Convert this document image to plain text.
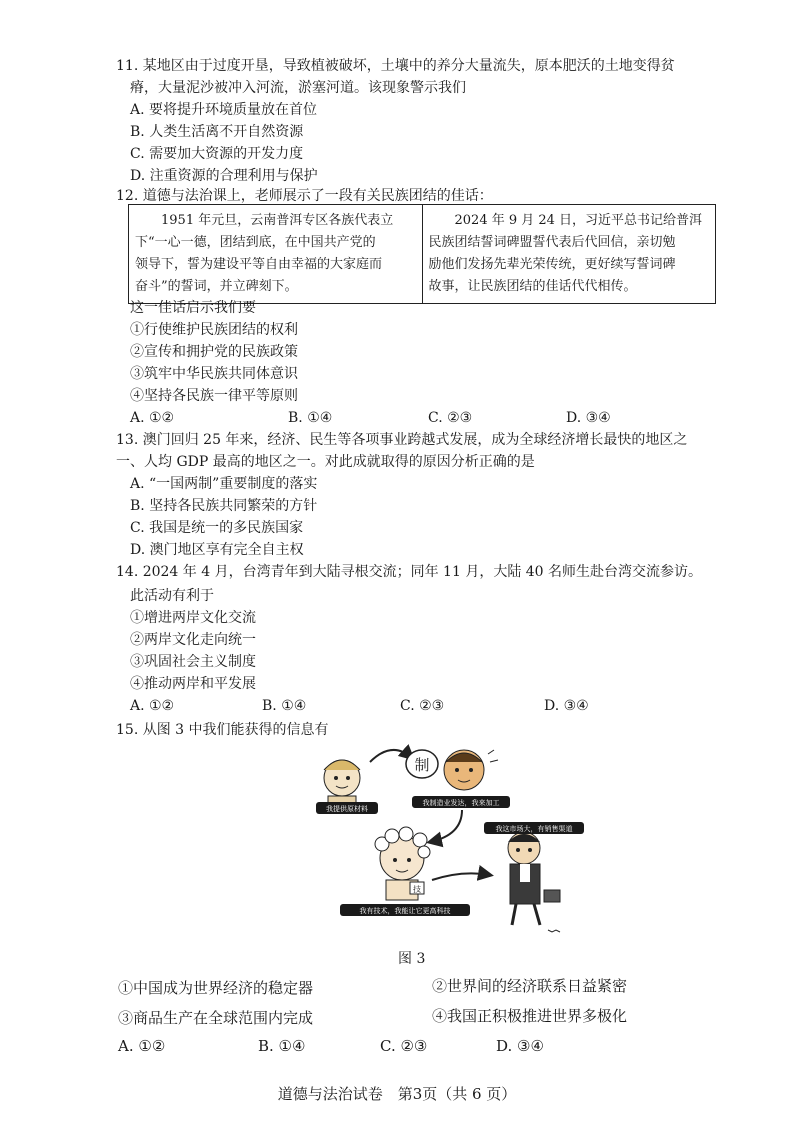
11. 某地区由于过度开垦，导致植被破坏，土壤中的养分大量流失，原本肥沃的土地变得贫
瘠，大量泥沙被冲入河流，淤塞河道。该现象警示我们
A. 要将提升环境质量放在首位
B. 人类生活离不开自然资源
C. 需要加大资源的开发力度
D. 注重资源的合理利用与保护
12. 道德与法治课上，老师展示了一段有关民族团结的佳话：
1951 年元旦，云南普洱专区各族代表立
下“一心一德，团结到底，在中国共产党的
领导下，誓为建设平等自由幸福的大家庭而
奋斗”的誓词，并立碑刻下。

2024 年 9 月 24 日，习近平总书记给普洱
民族团结誓词碑盟誓代表后代回信，亲切勉
励他们发扬先辈光荣传统，更好续写誓词碑
故事，让民族团结的佳话代代相传。
这一佳话启示我们要
①行使维护民族团结的权利
②宣传和拥护党的民族政策
③筑牢中华民族共同体意识
④坚持各民族一律平等原则
A. ①②	B. ①④	C. ②③	D. ③④
13. 澳门回归 25 年来，经济、民生等各项事业跨越式发展，成为全球经济增长最快的地区之
一、人均 GDP 最高的地区之一。对此成就取得的原因分析正确的是
A. “一国两制”重要制度的落实
B. 坚持各民族共同繁荣的方针
C. 我国是统一的多民族国家
D. 澳门地区享有完全自主权
14. 2024 年 4 月，台湾青年到大陆寻根交流；同年 11 月，大陆 40 名师生赴台湾交流参访。
此活动有利于
①增进两岸文化交流
②两岸文化走向统一
③巩固社会主义制度
④推动两岸和平发展
A. ①②	B. ①④	C. ②③	D. ③④
15. 从图 3 中我们能获得的信息有
我提供原材料
制
我制造业发达，我来加工
技
我有技术，我能让它更高科技
我这市场大，有销售渠道
图 3
①中国成为世界经济的稳定器	②世界间的经济联系日益紧密
③商品生产在全球范围内完成	④我国正积极推进世界多极化
A. ①②	B. ①④	C. ②③	D. ③④
道德与法治试卷　第3页（共 6 页）
